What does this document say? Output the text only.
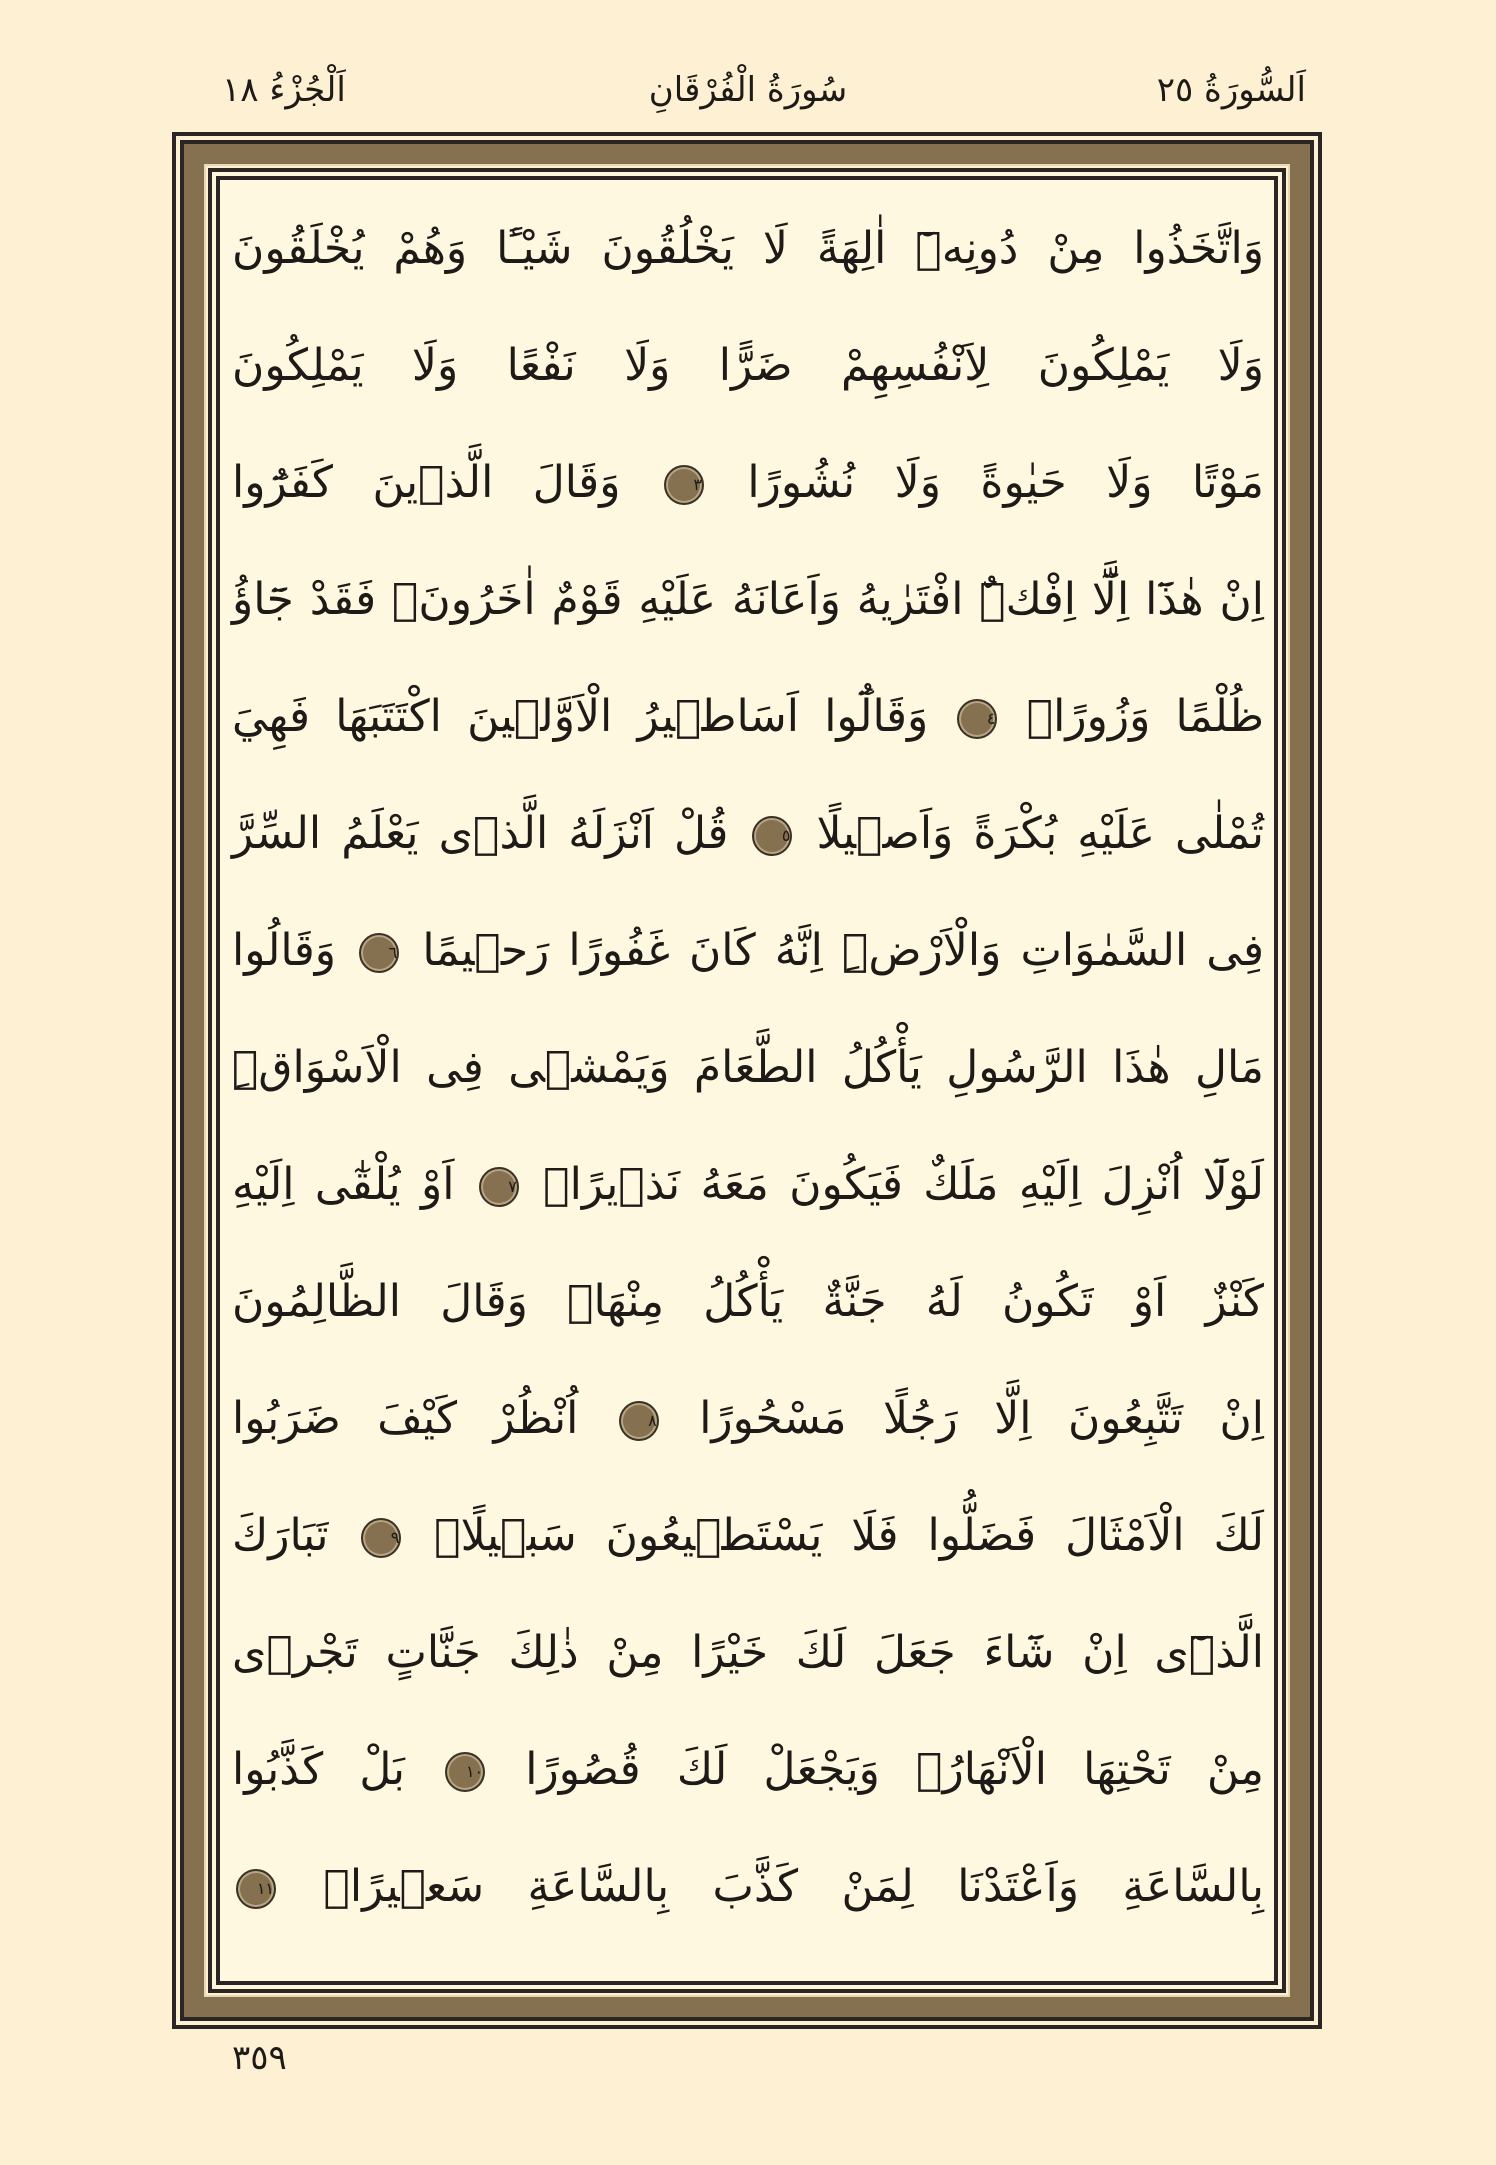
اَلْجُزْءُ ١٨	سُورَةُ الْفُرْقَانِ	اَلسُّورَةُ ٢٥
وَاتَّخَذُوا مِنْ دُونِهٖٓ اٰلِهَةً لَا يَخْلُقُونَ شَيْـًٔا وَهُمْ يُخْلَقُونَ
وَلَا يَمْلِكُونَ لِاَنْفُسِهِمْ ضَرًّا وَلَا نَفْعًا وَلَا يَمْلِكُونَ
مَوْتًا وَلَا حَيٰوةً وَلَا نُشُورًا ٣ وَقَالَ الَّذٖينَ كَفَرُٓوا
اِنْ هٰذَٓا اِلَّٓا اِفْكٌۨ افْتَرٰيهُ وَاَعَانَهُ عَلَيْهِ قَوْمٌ اٰخَرُونَۚ فَقَدْ جَٓاؤُ
ظُلْمًا وَزُورًاۚ ٤ وَقَالُٓوا اَسَاطٖيرُ الْاَوَّلٖينَ اكْتَتَبَهَا فَهِيَ
تُمْلٰى عَلَيْهِ بُكْرَةً وَاَصٖيلًا ٥ قُلْ اَنْزَلَهُ الَّذٖى يَعْلَمُ السِّرَّ
فِى السَّمٰوَاتِ وَالْاَرْضِۜ اِنَّهُ كَانَ غَفُورًا رَحٖيمًا ٦ وَقَالُوا
مَالِ هٰذَا الرَّسُولِ يَأْكُلُ الطَّعَامَ وَيَمْشٖى فِى الْاَسْوَاقِۜ
لَوْلَٓا اُنْزِلَ اِلَيْهِ مَلَكٌ فَيَكُونَ مَعَهُ نَذٖيرًاۙ ٧ اَوْ يُلْقٰٓى اِلَيْهِ
كَنْزٌ اَوْ تَكُونُ لَهُ جَنَّةٌ يَأْكُلُ مِنْهَاۜ وَقَالَ الظَّالِمُونَ
اِنْ تَتَّبِعُونَ اِلَّا رَجُلًا مَسْحُورًا ٨ اُنْظُرْ كَيْفَ ضَرَبُوا
لَكَ الْاَمْثَالَ فَضَلُّوا فَلَا يَسْتَطٖيعُونَ سَبٖيلًاۘ ٩ تَبَارَكَ
الَّذٖٓى اِنْ شَٓاءَ جَعَلَ لَكَ خَيْرًا مِنْ ذٰلِكَ جَنَّاتٍ تَجْرٖى
مِنْ تَحْتِهَا الْاَنْهَارُۙ وَيَجْعَلْ لَكَ قُصُورًا ١٠ بَلْ كَذَّبُوا
بِالسَّاعَةِ وَاَعْتَدْنَا لِمَنْ كَذَّبَ بِالسَّاعَةِ سَعٖيرًاۚ ١١
٣٥٩
